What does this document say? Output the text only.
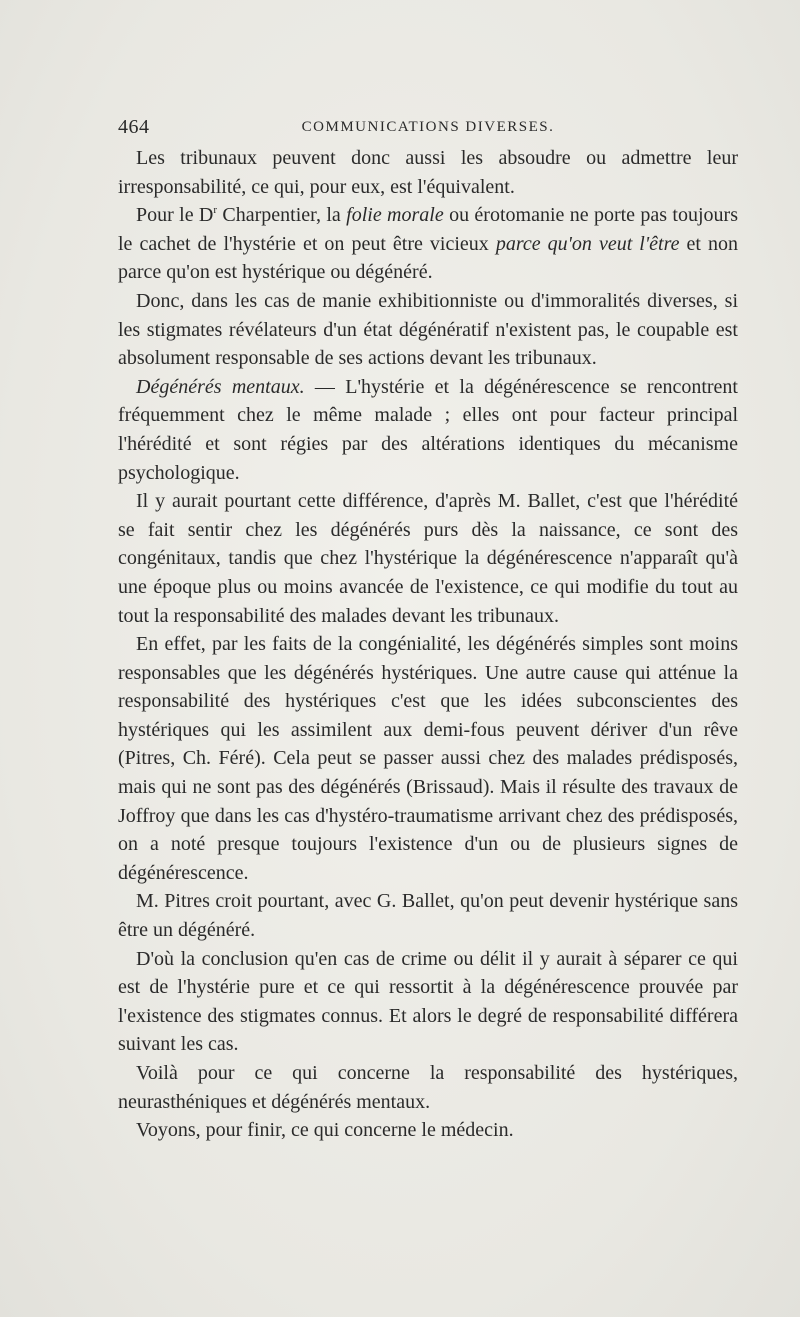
464	COMMUNICATIONS DIVERSES.

Les tribunaux peuvent donc aussi les absoudre ou admettre leur irresponsabilité, ce qui, pour eux, est l'équivalent.

Pour le $D^r$ Charpentier, la folie morale ou érotomanie ne porte pas toujours le cachet de l'hystérie et on peut être vicieux parce qu'on veut l'être et non parce qu'on est hystérique ou dégénéré.

Donc, dans les cas de manie exhibitionniste ou d'immoralités diverses, si les stigmates révélateurs d'un état dégénératif n'existent pas, le coupable est absolument responsable de ses actions devant les tribunaux.

Dégénérés mentaux. — L'hystérie et la dégénérescence se rencontrent fréquemment chez le même malade ; elles ont pour facteur principal l'hérédité et sont régies par des altérations identiques du mécanisme psychologique.

Il y aurait pourtant cette différence, d'après M. Ballet, c'est que l'hérédité se fait sentir chez les dégénérés purs dès la naissance, ce sont des congénitaux, tandis que chez l'hystérique la dégénérescence n'apparaît qu'à une époque plus ou moins avancée de l'existence, ce qui modifie du tout au tout la responsabilité des malades devant les tribunaux.

En effet, par les faits de la congénialité, les dégénérés simples sont moins responsables que les dégénérés hystériques. Une autre cause qui atténue la responsabilité des hystériques c'est que les idées subconscientes des hystériques qui les assimilent aux demi-fous peuvent dériver d'un rêve (Pitres, Ch. Féré). Cela peut se passer aussi chez des malades prédisposés, mais qui ne sont pas des dégénérés (Brissaud). Mais il résulte des travaux de Joffroy que dans les cas d'hystéro-traumatisme arrivant chez des prédisposés, on a noté presque toujours l'existence d'un ou de plusieurs signes de dégénérescence.

M. Pitres croit pourtant, avec G. Ballet, qu'on peut devenir hystérique sans être un dégénéré.

D'où la conclusion qu'en cas de crime ou délit il y aurait à séparer ce qui est de l'hystérie pure et ce qui ressortit à la dégénérescence prouvée par l'existence des stigmates connus. Et alors le degré de responsabilité différera suivant les cas.

Voilà pour ce qui concerne la responsabilité des hystériques, neurasthéniques et dégénérés mentaux.

Voyons, pour finir, ce qui concerne le médecin.
